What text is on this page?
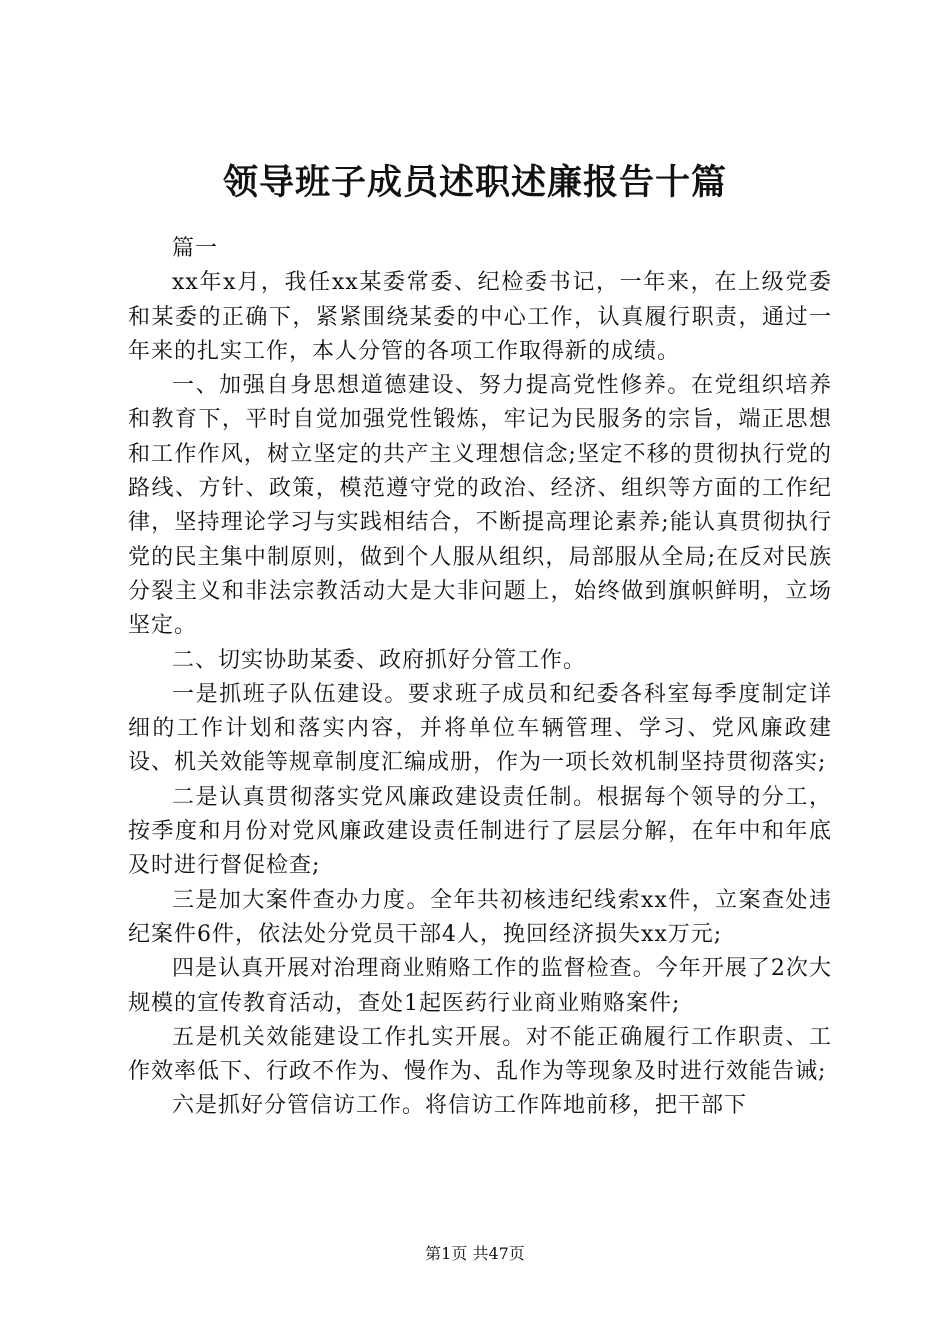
领导班子成员述职述廉报告十篇

篇一

xx年x月，我任xx某委常委、纪检委书记，一年来，在上级党委和某委的正确下，紧紧围绕某委的中心工作，认真履行职责，通过一年来的扎实工作，本人分管的各项工作取得新的成绩。

一、加强自身思想道德建设、努力提高党性修养。在党组织培养和教育下，平时自觉加强党性锻炼，牢记为民服务的宗旨，端正思想和工作作风，树立坚定的共产主义理想信念;坚定不移的贯彻执行党的路线、方针、政策，模范遵守党的政治、经济、组织等方面的工作纪律，坚持理论学习与实践相结合，不断提高理论素养;能认真贯彻执行党的民主集中制原则，做到个人服从组织，局部服从全局;在反对民族分裂主义和非法宗教活动大是大非问题上，始终做到旗帜鲜明，立场坚定。

二、切实协助某委、政府抓好分管工作。

一是抓班子队伍建设。要求班子成员和纪委各科室每季度制定详细的工作计划和落实内容，并将单位车辆管理、学习、党风廉政建设、机关效能等规章制度汇编成册，作为一项长效机制坚持贯彻落实;

二是认真贯彻落实党风廉政建设责任制。根据每个领导的分工，按季度和月份对党风廉政建设责任制进行了层层分解，在年中和年底及时进行督促检查;

三是加大案件查办力度。全年共初核违纪线索xx件，立案查处违纪案件6件，依法处分党员干部4人，挽回经济损失xx万元;

四是认真开展对治理商业贿赂工作的监督检查。今年开展了2次大规模的宣传教育活动，查处1起医药行业商业贿赂案件;

五是机关效能建设工作扎实开展。对不能正确履行工作职责、工作效率低下、行政不作为、慢作为、乱作为等现象及时进行效能告诫;

六是抓好分管信访工作。将信访工作阵地前移，把干部下

第1页 共47页
